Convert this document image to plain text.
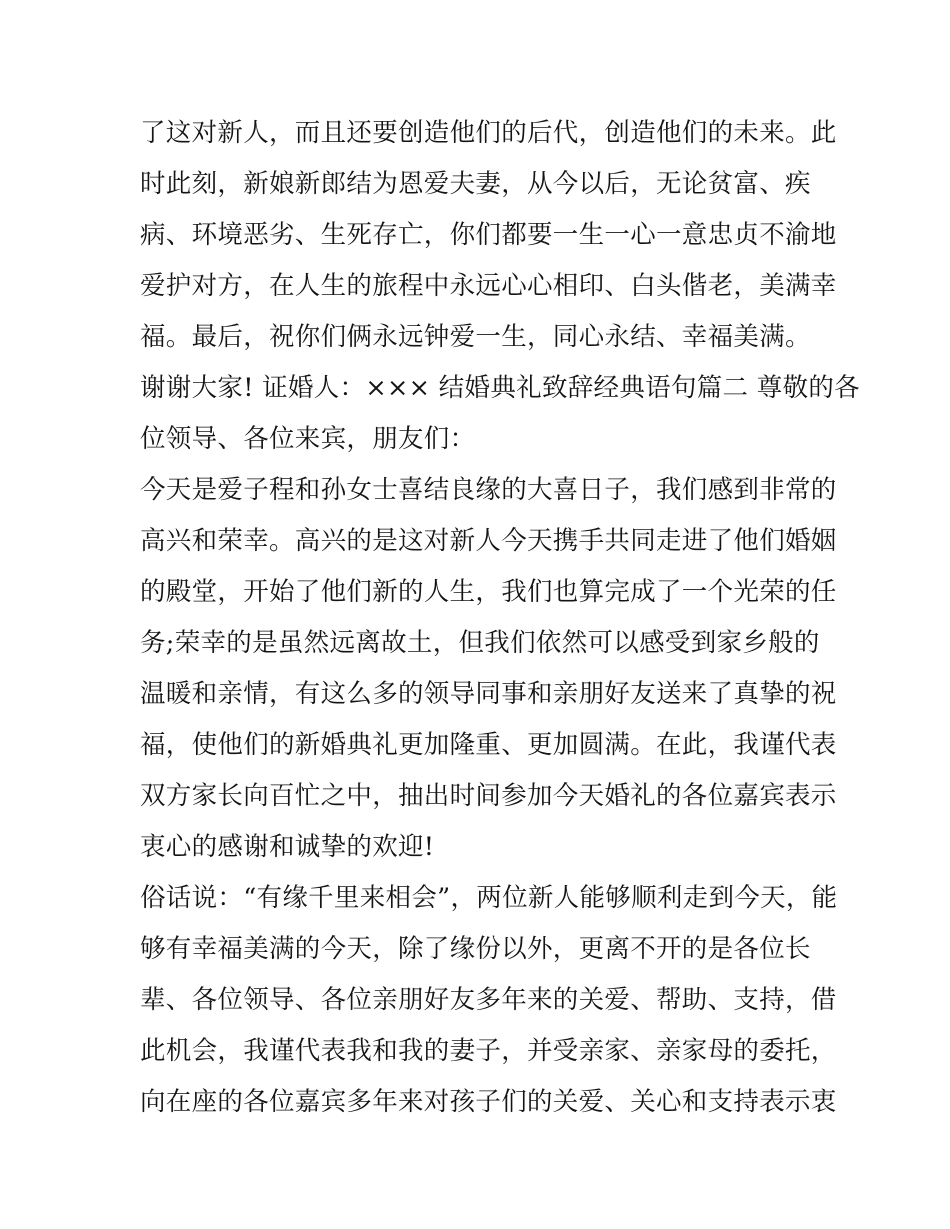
了这对新人，而且还要创造他们的后代，创造他们的未来。此
时此刻，新娘新郎结为恩爱夫妻，从今以后，无论贫富、疾
病、环境恶劣、生死存亡，你们都要一生一心一意忠贞不渝地
爱护对方，在人生的旅程中永远心心相印、白头偕老，美满幸
福。最后，祝你们俩永远钟爱一生，同心永结、幸福美满。
谢谢大家! 证婚人：××× 结婚典礼致辞经典语句篇二 尊敬的各
位领导、各位来宾，朋友们：
今天是爱子程和孙女士喜结良缘的大喜日子，我们感到非常的
高兴和荣幸。高兴的是这对新人今天携手共同走进了他们婚姻
的殿堂，开始了他们新的人生，我们也算完成了一个光荣的任
务;荣幸的是虽然远离故土，但我们依然可以感受到家乡般的
温暖和亲情，有这么多的领导同事和亲朋好友送来了真挚的祝
福，使他们的新婚典礼更加隆重、更加圆满。在此，我谨代表
双方家长向百忙之中，抽出时间参加今天婚礼的各位嘉宾表示
衷心的感谢和诚挚的欢迎!
俗话说：“有缘千里来相会”，两位新人能够顺利走到今天，能
够有幸福美满的今天，除了缘份以外，更离不开的是各位长
辈、各位领导、各位亲朋好友多年来的关爱、帮助、支持，借
此机会，我谨代表我和我的妻子，并受亲家、亲家母的委托，
向在座的各位嘉宾多年来对孩子们的关爱、关心和支持表示衷
